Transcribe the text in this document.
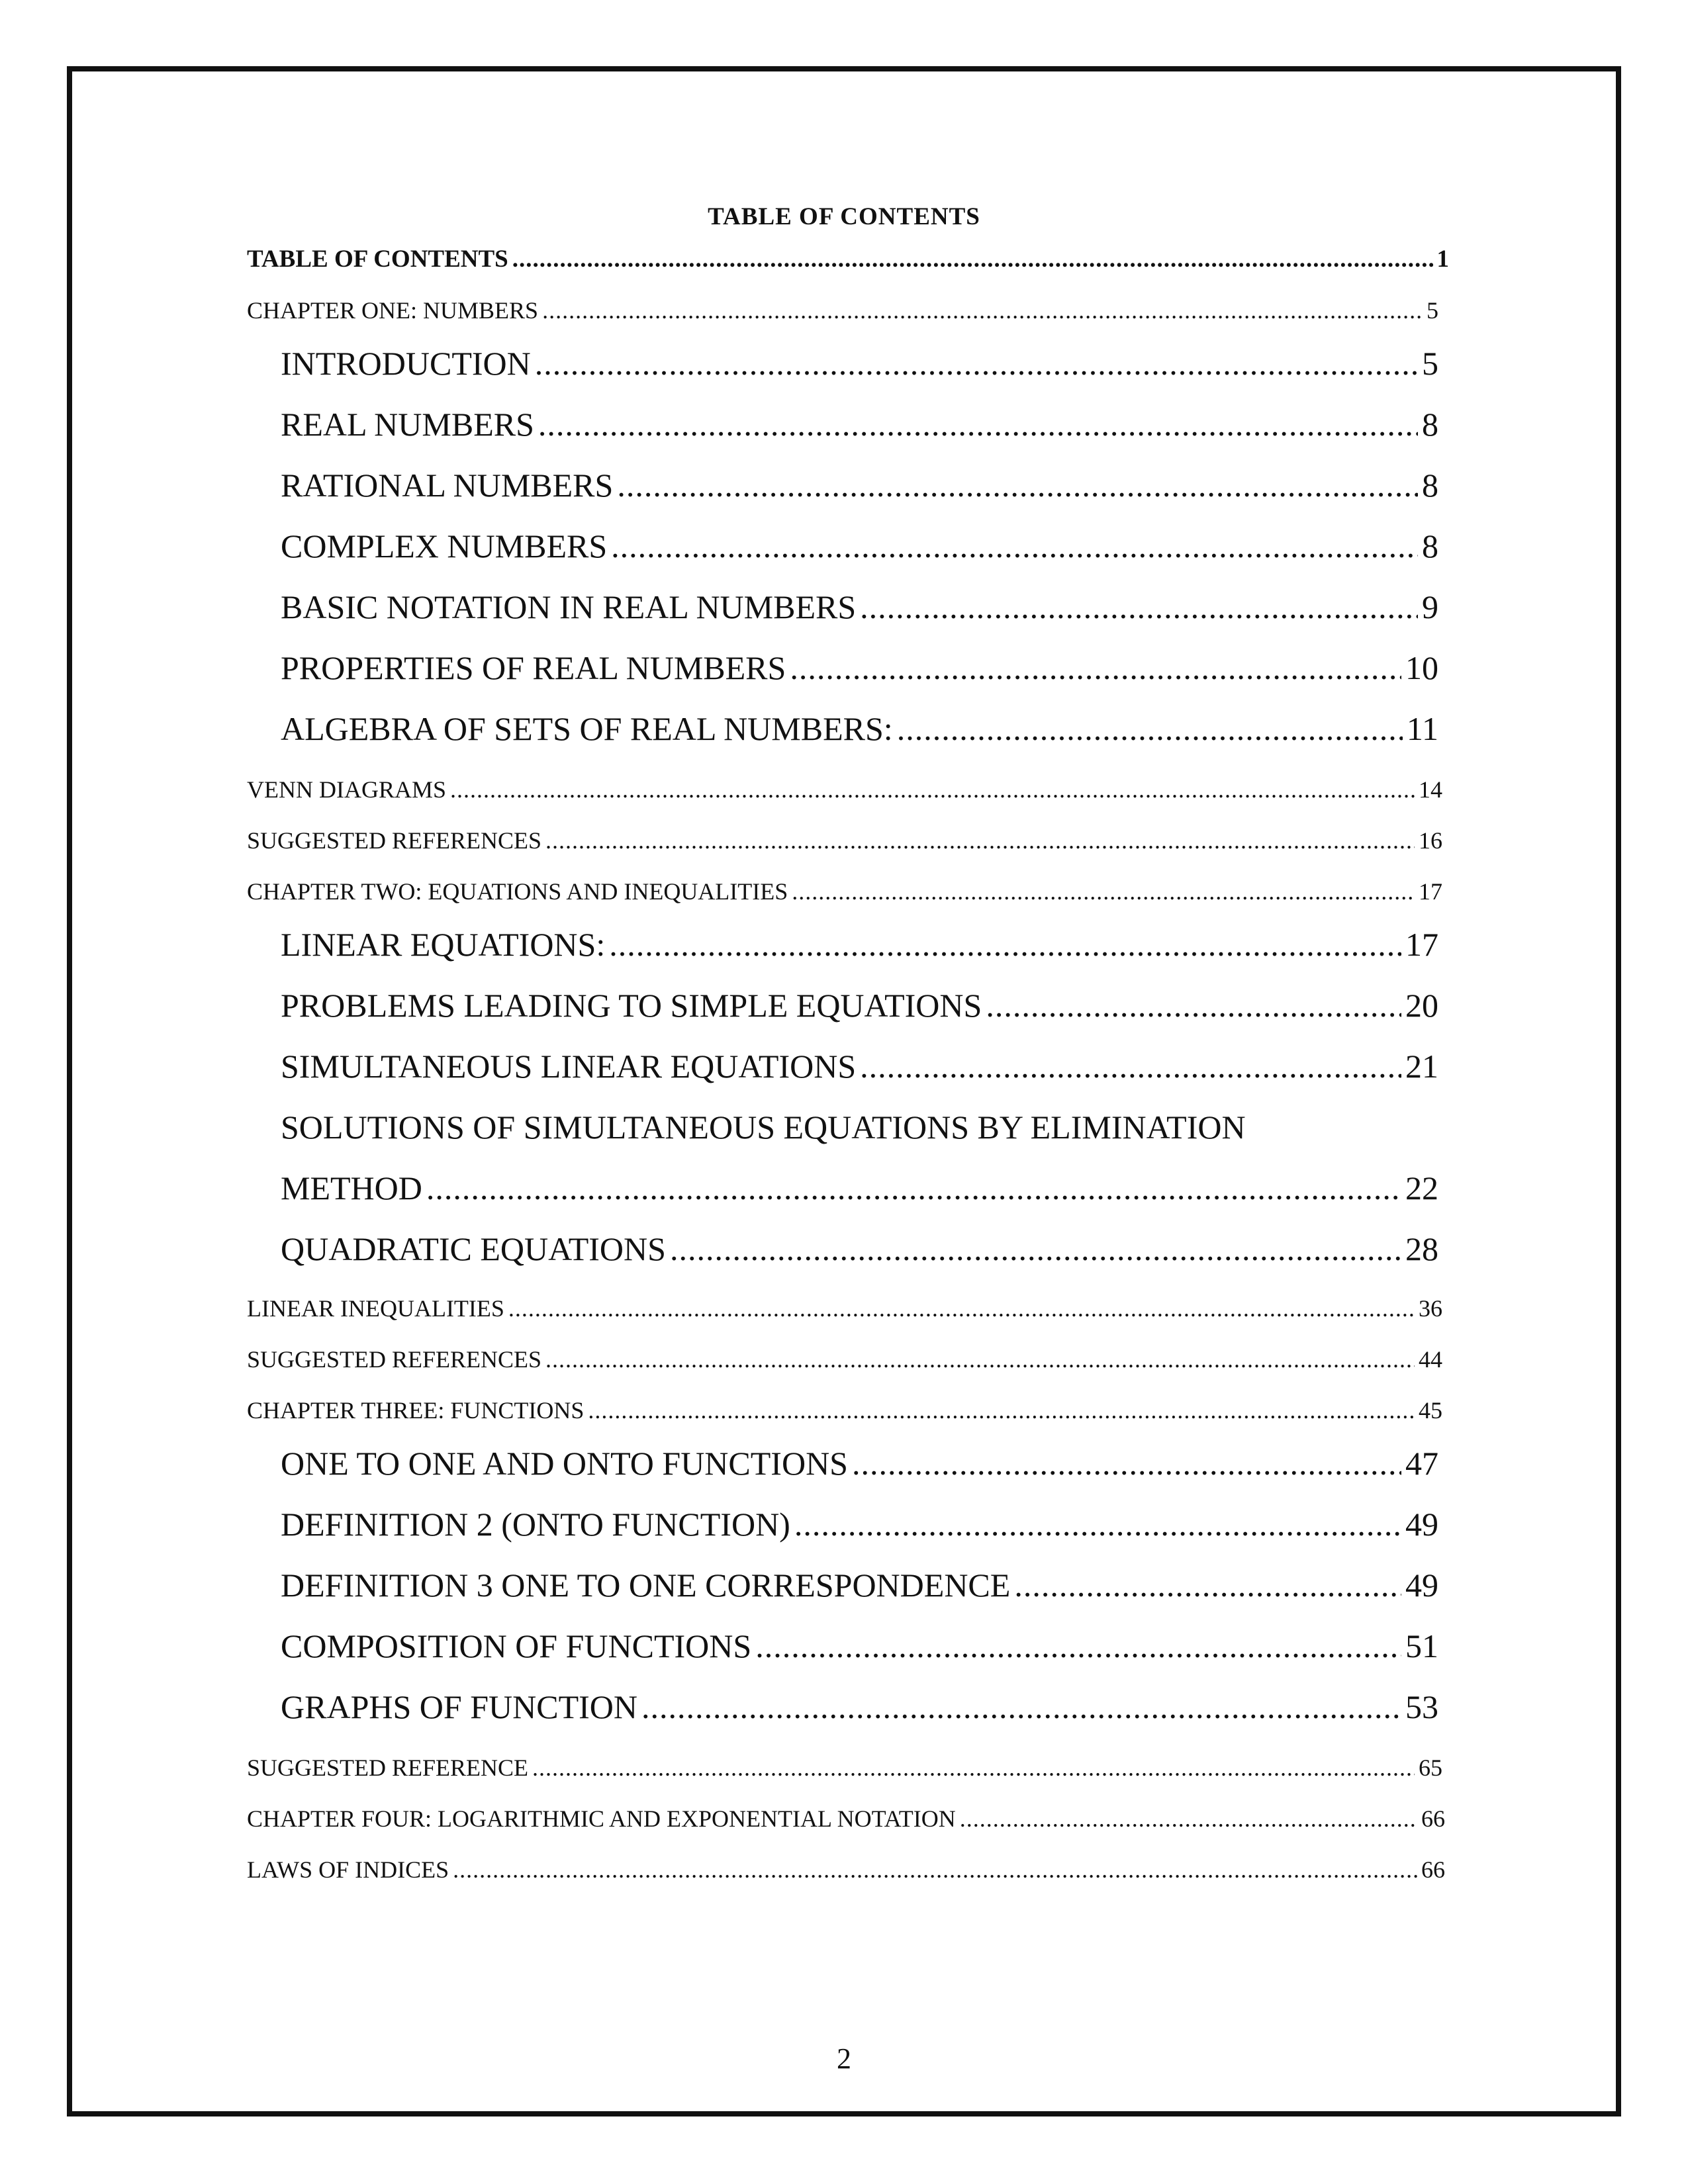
TABLE OF CONTENTS
TABLE OF CONTENTS .....	1
CHAPTER ONE: NUMBERS .....	5
INTRODUCTION .....	5
REAL NUMBERS .....	8
RATIONAL NUMBERS .....	8
COMPLEX NUMBERS .....	8
BASIC NOTATION IN REAL NUMBERS .....	9
PROPERTIES OF REAL NUMBERS .....	10
ALGEBRA OF SETS OF REAL NUMBERS: .....	11
VENN DIAGRAMS .....	14
SUGGESTED REFERENCES .....	16
CHAPTER TWO: EQUATIONS AND INEQUALITIES .....	17
LINEAR EQUATIONS: .....	17
PROBLEMS LEADING TO SIMPLE EQUATIONS .....	20
SIMULTANEOUS LINEAR EQUATIONS .....	21
SOLUTIONS OF SIMULTANEOUS EQUATIONS BY ELIMINATION
METHOD .....	22
QUADRATIC EQUATIONS .....	28
LINEAR INEQUALITIES .....	36
SUGGESTED REFERENCES .....	44
CHAPTER THREE: FUNCTIONS .....	45
ONE TO ONE AND ONTO FUNCTIONS .....	47
DEFINITION 2 (ONTO FUNCTION) .....	49
DEFINITION 3 ONE TO ONE CORRESPONDENCE .....	49
COMPOSITION OF FUNCTIONS .....	51
GRAPHS OF FUNCTION .....	53
SUGGESTED REFERENCE .....	65
CHAPTER FOUR: LOGARITHMIC AND EXPONENTIAL NOTATION .....	66
LAWS OF INDICES .....	66
2
